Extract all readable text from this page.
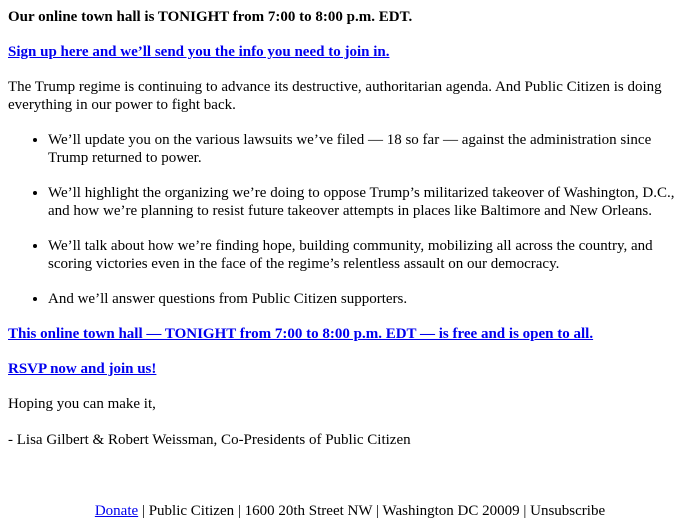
Our online town hall is TONIGHT from 7:00 to 8:00 p.m. EDT.

Sign up here and we’ll send you the info you need to join in.

The Trump regime is continuing to advance its destructive, authoritarian agenda. And Public Citizen is doing everything in our power to fight back.

• We’ll update you on the various lawsuits we’ve filed — 18 so far — against the administration since Trump returned to power.
• We’ll highlight the organizing we’re doing to oppose Trump’s militarized takeover of Washington, D.C., and how we’re planning to resist future takeover attempts in places like Baltimore and New Orleans.
• We’ll talk about how we’re finding hope, building community, mobilizing all across the country, and scoring victories even in the face of the regime’s relentless assault on our democracy.
• And we’ll answer questions from Public Citizen supporters.

This online town hall — TONIGHT from 7:00 to 8:00 p.m. EDT — is free and is open to all.

RSVP now and join us!

Hoping you can make it,

- Lisa Gilbert & Robert Weissman, Co-Presidents of Public Citizen

Donate | Public Citizen | 1600 20th Street NW | Washington DC 20009 | Unsubscribe
